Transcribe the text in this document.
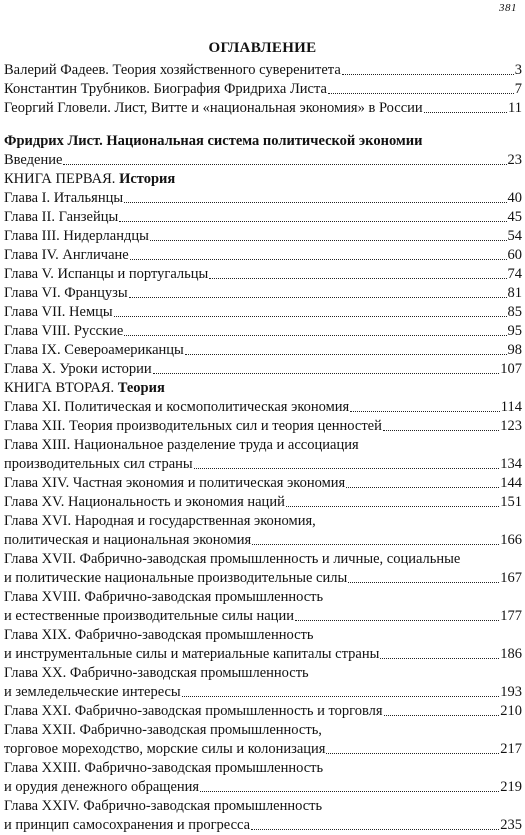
381
ОГЛАВЛЕНИЕ
Валерий Фадеев. Теория хозяйственного суверенитета	3
Константин Трубников. Биография Фридриха Листа	7
Георгий Гловели. Лист, Витте и «национальная экономия» в России	11
Фридрих Лист. Национальная система политической экономии
Введение	23
КНИГА ПЕРВАЯ. История
Глава I. Итальянцы	40
Глава II. Ганзейцы	45
Глава III. Нидерландцы	54
Глава IV. Англичане	60
Глава V. Испанцы и португальцы	74
Глава VI. Французы	81
Глава VII. Немцы	85
Глава VIII. Русские	95
Глава IX. Североамериканцы	98
Глава X. Уроки истории	107
КНИГА ВТОРАЯ. Теория
Глава XI. Политическая и космополитическая экономия	114
Глава XII. Теория производительных сил и теория ценностей	123
Глава XIII. Национальное разделение труда и ассоциация
производительных сил страны	134
Глава XIV. Частная экономия и политическая экономия	144
Глава XV. Национальность и экономия наций	151
Глава XVI. Народная и государственная экономия,
политическая и национальная экономия	166
Глава XVII. Фабрично-заводская промышленность и личные, социальные
и политические национальные производительные силы	167
Глава XVIII. Фабрично-заводская промышленность
и естественные производительные силы нации	177
Глава XIX. Фабрично-заводская промышленность
и инструментальные силы и материальные капиталы страны	186
Глава XX. Фабрично-заводская промышленность
и земледельческие интересы	193
Глава XXI. Фабрично-заводская промышленность и торговля	210
Глава XXII. Фабрично-заводская промышленность,
торговое мореходство, морские силы и колонизация	217
Глава XXIII. Фабрично-заводская промышленность
и орудия денежного обращения	219
Глава XXIV. Фабрично-заводская промышленность
и принцип самосохранения и прогресса	235
